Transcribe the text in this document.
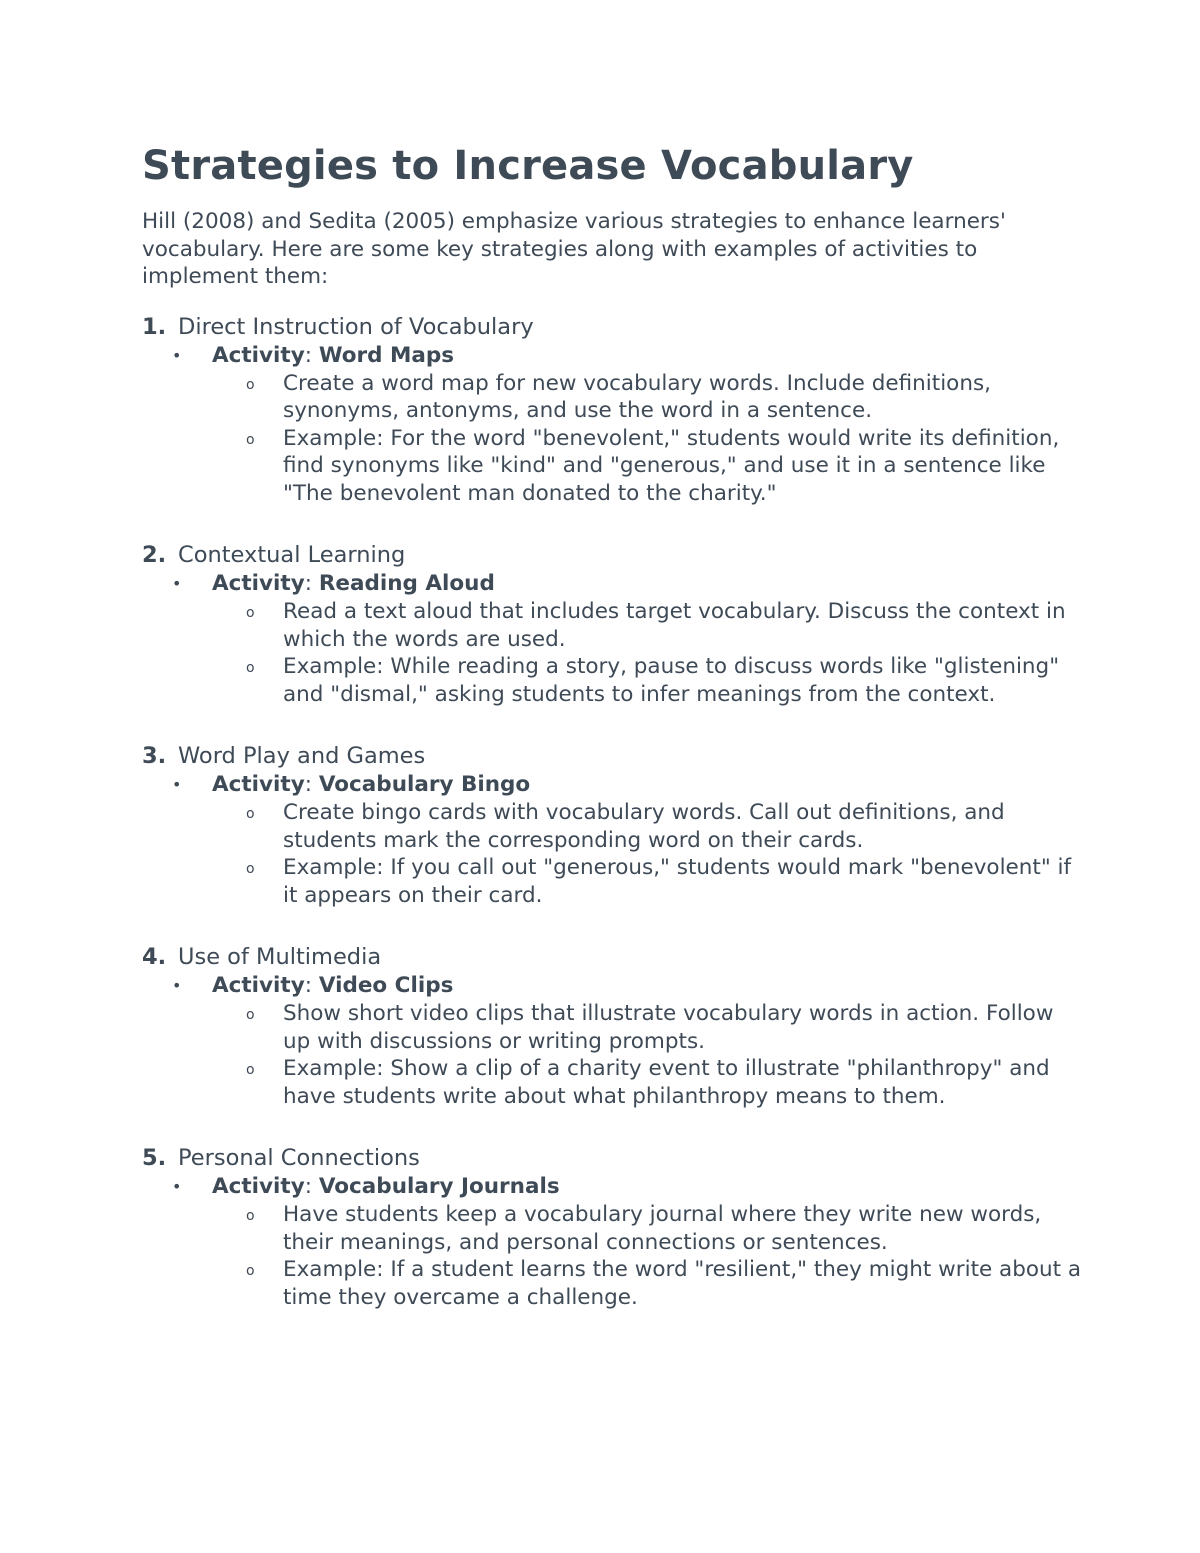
Strategies to Increase Vocabulary

Hill (2008) and Sedita (2005) emphasize various strategies to enhance learners' vocabulary. Here are some key strategies along with examples of activities to implement them:

1. Direct Instruction of Vocabulary
•	Activity: Word Maps
o	Create a word map for new vocabulary words. Include definitions, synonyms, antonyms, and use the word in a sentence.
o	Example: For the word "benevolent," students would write its definition, find synonyms like "kind" and "generous," and use it in a sentence like "The benevolent man donated to the charity."
2. Contextual Learning
•	Activity: Reading Aloud
o	Read a text aloud that includes target vocabulary. Discuss the context in which the words are used.
o	Example: While reading a story, pause to discuss words like "glistening" and "dismal," asking students to infer meanings from the context.
3. Word Play and Games
•	Activity: Vocabulary Bingo
o	Create bingo cards with vocabulary words. Call out definitions, and students mark the corresponding word on their cards.
o	Example: If you call out "generous," students would mark "benevolent" if it appears on their card.
4. Use of Multimedia
•	Activity: Video Clips
o	Show short video clips that illustrate vocabulary words in action. Follow up with discussions or writing prompts.
o	Example: Show a clip of a charity event to illustrate "philanthropy" and have students write about what philanthropy means to them.
5. Personal Connections
•	Activity: Vocabulary Journals
o	Have students keep a vocabulary journal where they write new words, their meanings, and personal connections or sentences.
o	Example: If a student learns the word "resilient," they might write about a time they overcame a challenge.
